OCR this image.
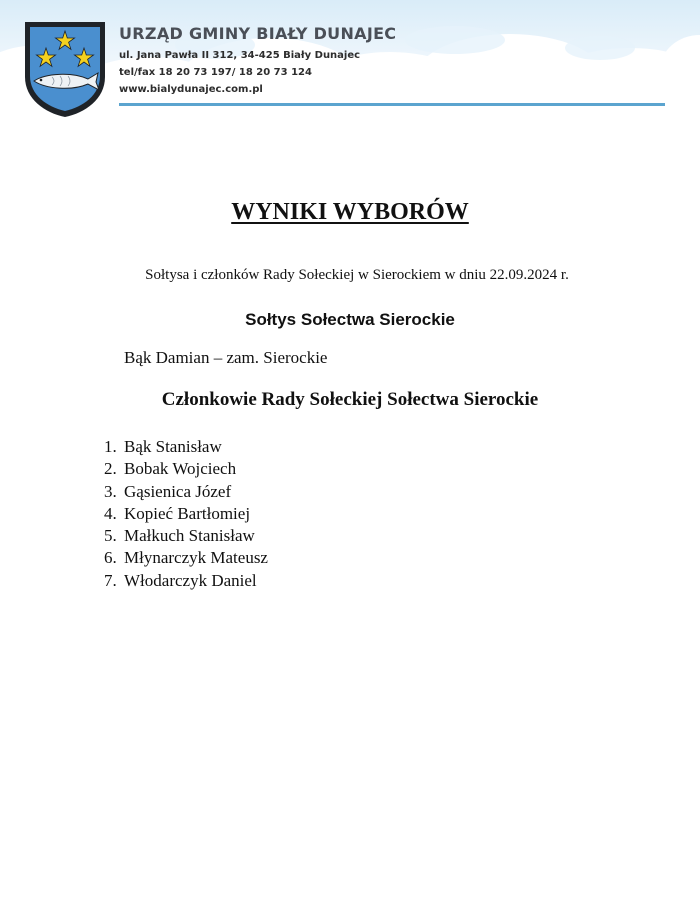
URZĄD GMINY BIAŁY DUNAJEC
ul. Jana Pawła II 312, 34-425 Biały Dunajec
tel/fax 18 20 73 197/ 18 20 73 124
www.bialydunajec.com.pl
WYNIKI WYBORÓW
Sołtysa i członków Rady Sołeckiej w Sierockiem w dniu 22.09.2024 r.
Sołtys Sołectwa Sierockie
Bąk Damian – zam. Sierockie
Członkowie Rady Sołeckiej Sołectwa Sierockie
1. Bąk Stanisław
2. Bobak Wojciech
3. Gąsienica Józef
4. Kopieć Bartłomiej
5. Małkuch Stanisław
6. Młynarczyk Mateusz
7. Włodarczyk Daniel
